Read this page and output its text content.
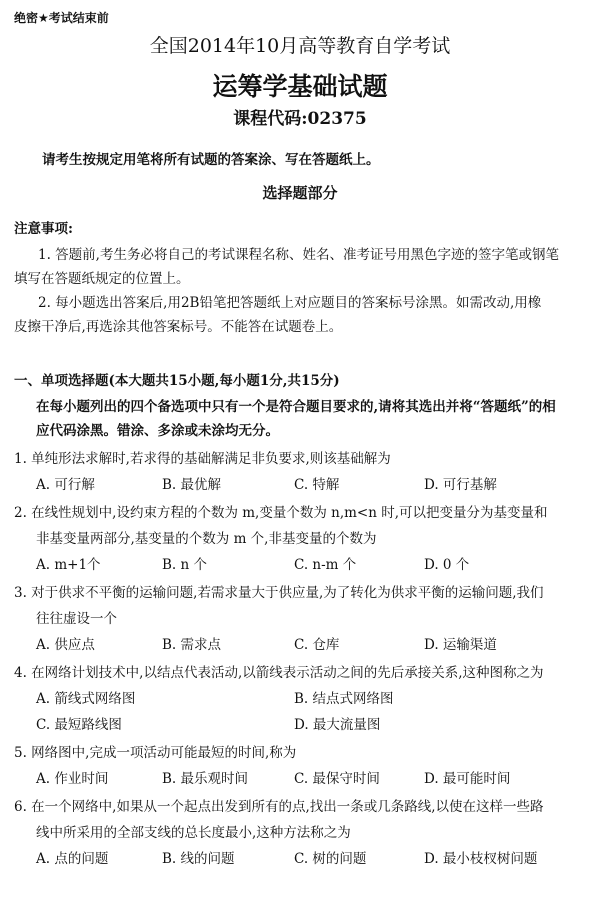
绝密★考试结束前
全国2014年10月高等教育自学考试
运筹学基础试题
课程代码:02375
请考生按规定用笔将所有试题的答案涂、写在答题纸上。
选择题部分
注意事项:
1. 答题前,考生务必将自己的考试课程名称、姓名、准考证号用黑色字迹的签字笔或钢笔
填写在答题纸规定的位置上。
2. 每小题选出答案后,用2B铅笔把答题纸上对应题目的答案标号涂黑。如需改动,用橡
皮擦干净后,再选涂其他答案标号。不能答在试题卷上。
一、单项选择题(本大题共15小题,每小题1分,共15分)
在每小题列出的四个备选项中只有一个是符合题目要求的,请将其选出并将“答题纸”的相
应代码涂黑。错涂、多涂或未涂均无分。
1. 单纯形法求解时,若求得的基础解满足非负要求,则该基础解为
A. 可行解	B. 最优解	C. 特解	D. 可行基解
2. 在线性规划中,设约束方程的个数为 m,变量个数为 n,m<n 时,可以把变量分为基变量和
非基变量两部分,基变量的个数为 m 个,非基变量的个数为
A. m+1个	B. n 个	C. n-m 个	D. 0 个
3. 对于供求不平衡的运输问题,若需求量大于供应量,为了转化为供求平衡的运输问题,我们
往往虚设一个
A. 供应点	B. 需求点	C. 仓库	D. 运输渠道
4. 在网络计划技术中,以结点代表活动,以箭线表示活动之间的先后承接关系,这种图称之为
A. 箭线式网络图	B. 结点式网络图
C. 最短路线图	D. 最大流量图
5. 网络图中,完成一项活动可能最短的时间,称为
A. 作业时间	B. 最乐观时间	C. 最保守时间	D. 最可能时间
6. 在一个网络中,如果从一个起点出发到所有的点,找出一条或几条路线,以使在这样一些路
线中所采用的全部支线的总长度最小,这种方法称之为
A. 点的问题	B. 线的问题	C. 树的问题	D. 最小枝杈树问题
